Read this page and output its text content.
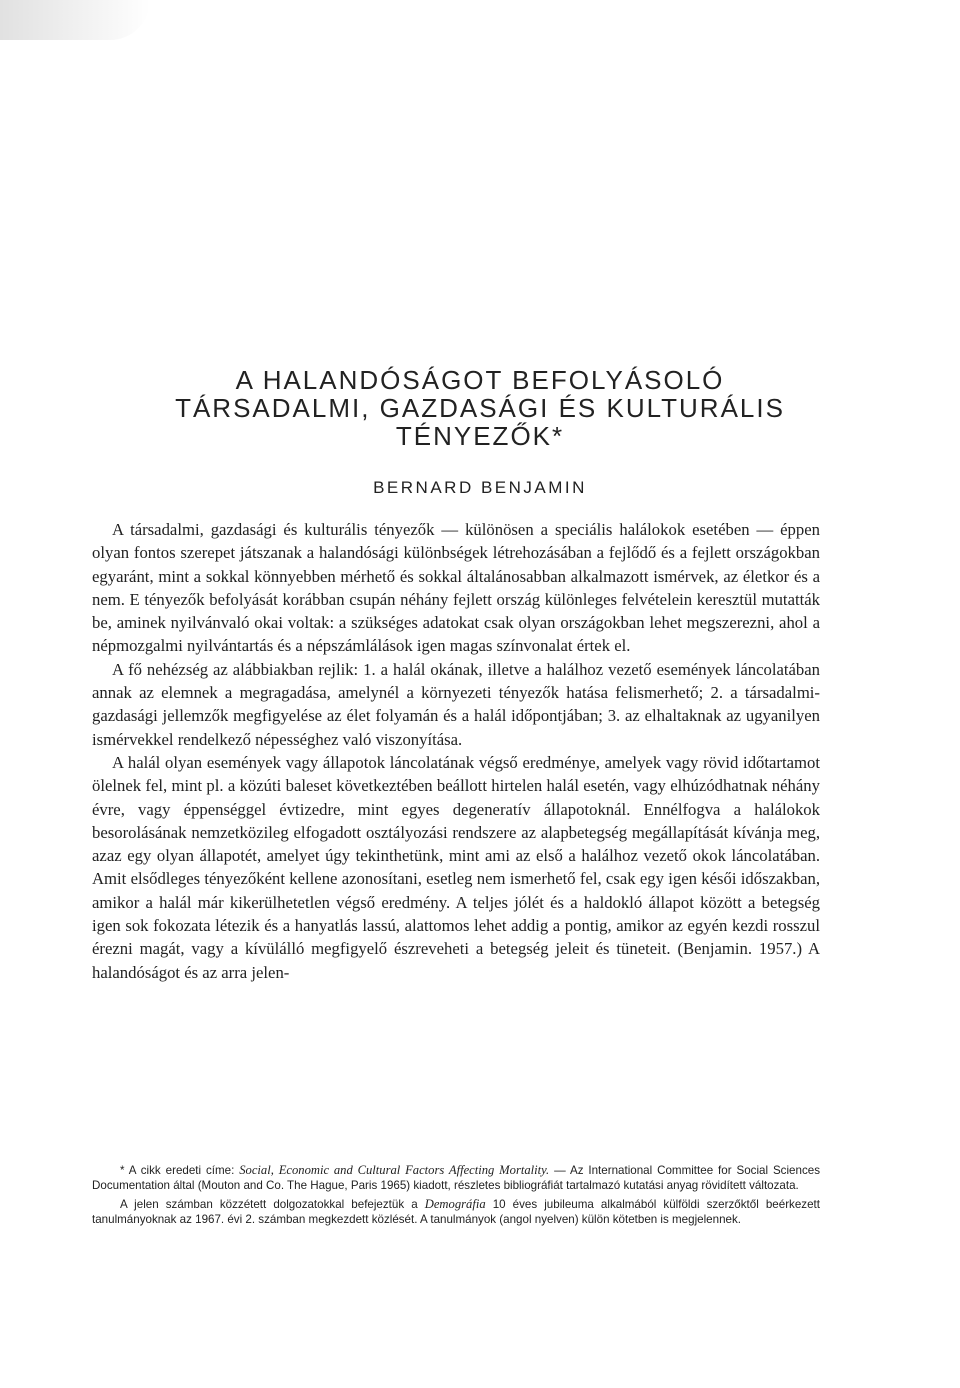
A HALANDÓSÁGOT BEFOLYÁSOLÓ
TÁRSADALMI, GAZDASÁGI ÉS KULTURÁLIS
TÉNYEZŐK*
BERNARD BENJAMIN

A társadalmi, gazdasági és kulturális tényezők — különösen a speciális halálokok esetében — éppen olyan fontos szerepet játszanak a halandósági különbségek létrehozásában a fejlődő és a fejlett országokban egyaránt, mint a sokkal könnyebben mérhető és sokkal általánosabban alkalmazott ismérvek, az életkor és a nem. E tényezők befolyását korábban csupán néhány fejlett ország különleges felvételein keresztül mutatták be, aminek nyilvánvaló okai voltak: a szükséges adatokat csak olyan országokban lehet megszerezni, ahol a népmozgalmi nyilvántartás és a népszámlálások igen magas színvonalat értek el.

A fő nehézség az alábbiakban rejlik: 1. a halál okának, illetve a halálhoz vezető események láncolatában annak az elemnek a megragadása, amelynél a környezeti tényezők hatása felismerhető; 2. a társadalmi-gazdasági jellemzők megfigyelése az élet folyamán és a halál időpontjában; 3. az elhaltaknak az ugyanilyen ismérvekkel rendelkező népességhez való viszonyítása.

A halál olyan események vagy állapotok láncolatának végső eredménye, amelyek vagy rövid időtartamot ölelnek fel, mint pl. a közúti baleset következtében beállott hirtelen halál esetén, vagy elhúzódhatnak néhány évre, vagy éppenséggel évtizedre, mint egyes degeneratív állapotoknál. Ennélfogva a halálokok besorolásának nemzetközileg elfogadott osztályozási rendszere az alapbetegség megállapítását kívánja meg, azaz egy olyan állapotét, amelyet úgy tekinthetünk, mint ami az első a halálhoz vezető okok láncolatában. Amit elsődleges tényezőként kellene azonosítani, esetleg nem ismerhető fel, csak egy igen késői időszakban, amikor a halál már kikerülhetetlen végső eredmény. A teljes jólét és a haldokló állapot között a betegség igen sok fokozata létezik és a hanyatlás lassú, alattomos lehet addig a pontig, amikor az egyén kezdi rosszul érezni magát, vagy a kívülálló megfigyelő észreveheti a betegség jeleit és tüneteit. (Benjamin. 1957.) A halandóságot és az arra jelen-

* A cikk eredeti címe: Social, Economic and Cultural Factors Affecting Mortality. — Az International Committee for Social Sciences Documentation által (Mouton and Co. The Hague, Paris 1965) kiadott, részletes bibliográfiát tartalmazó kutatási anyag rövidített változata.

A jelen számban közzétett dolgozatokkal befejeztük a Demográfia 10 éves jubileuma alkalmából külföldi szerzőktől beérkezett tanulmányoknak az 1967. évi 2. számban megkezdett közlését. A tanulmányok (angol nyelven) külön kötetben is megjelennek.
